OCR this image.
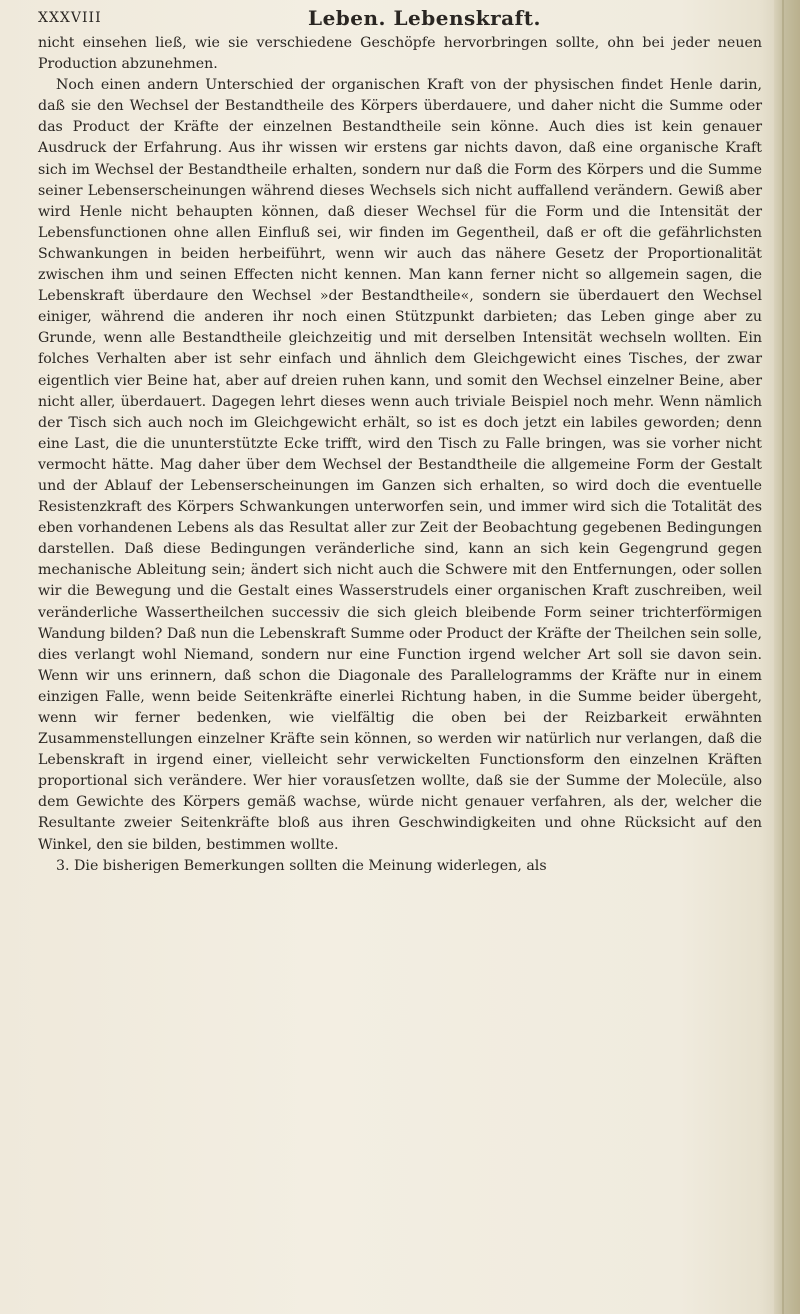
XXXVIII	Leben. Lebenskraft.

nicht einsehen ließ, wie sie verschiedene Geschöpfe hervorbringen sollte, ohn bei jeder neuen Production abzunehmen.

Noch einen andern Unterschied der organischen Kraft von der physischen findet Henle darin, daß sie den Wechsel der Bestandtheile des Körpers überdauere, und daher nicht die Summe oder das Product der Kräfte der einzelnen Bestandtheile sein könne. Auch dies ist kein genauer Ausdruck der Erfahrung. Aus ihr wissen wir erstens gar nichts davon, daß eine organische Kraft sich im Wechsel der Bestandtheile erhalten, sondern nur daß die Form des Körpers und die Summe seiner Lebenserscheinungen während dieses Wechsels sich nicht auffallend verändern. Gewiß aber wird Henle nicht behaupten können, daß dieser Wechsel für die Form und die Intensität der Lebensfunctionen ohne allen Einfluß sei, wir finden im Gegentheil, daß er oft die gefährlichsten Schwankungen in beiden herbeiführt, wenn wir auch das nähere Gesetz der Proportionalität zwischen ihm und seinen Effecten nicht kennen. Man kann ferner nicht so allgemein sagen, die Lebenskraft überdaure den Wechsel »der Bestandtheile«, sondern sie überdauert den Wechsel einiger, während die anderen ihr noch einen Stützpunkt darbieten; das Leben ginge aber zu Grunde, wenn alle Bestandtheile gleichzeitig und mit derselben Intensität wechseln wollten. Ein folches Verhalten aber ist sehr einfach und ähnlich dem Gleichgewicht eines Tisches, der zwar eigentlich vier Beine hat, aber auf dreien ruhen kann, und somit den Wechsel einzelner Beine, aber nicht aller, überdauert. Dagegen lehrt dieses wenn auch triviale Beispiel noch mehr. Wenn nämlich der Tisch sich auch noch im Gleichgewicht erhält, so ist es doch jetzt ein labiles geworden; denn eine Last, die die ununterstützte Ecke trifft, wird den Tisch zu Falle bringen, was sie vorher nicht vermocht hätte. Mag daher über dem Wechsel der Bestandtheile die allgemeine Form der Gestalt und der Ablauf der Lebenserscheinungen im Ganzen sich erhalten, so wird doch die eventuelle Resistenzkraft des Körpers Schwankungen unterworfen sein, und immer wird sich die Totalität des eben vorhandenen Lebens als das Resultat aller zur Zeit der Beobachtung gegebenen Bedingungen darstellen. Daß diese Bedingungen veränderliche sind, kann an sich kein Gegengrund gegen mechanische Ableitung sein; ändert sich nicht auch die Schwere mit den Entfernungen, oder sollen wir die Bewegung und die Gestalt eines Wasserstrudels einer organischen Kraft zuschreiben, weil veränderliche Wassertheilchen successiv die sich gleich bleibende Form seiner trichterförmigen Wandung bilden? Daß nun die Lebenskraft Summe oder Product der Kräfte der Theilchen sein solle, dies verlangt wohl Niemand, sondern nur eine Function irgend welcher Art soll sie davon sein. Wenn wir uns erinnern, daß schon die Diagonale des Parallelogramms der Kräfte nur in einem einzigen Falle, wenn beide Seitenkräfte einerlei Richtung haben, in die Summe beider übergeht, wenn wir ferner bedenken, wie vielfältig die oben bei der Reizbarkeit erwähnten Zusammenstellungen einzelner Kräfte sein können, so werden wir natürlich nur verlangen, daß die Lebenskraft in irgend einer, vielleicht sehr verwickelten Functionsform den einzelnen Kräften proportional sich verändere. Wer hier vorausſetzen wollte, daß sie der Summe der Molecüle, also dem Gewichte des Körpers gemäß wachse, würde nicht genauer verfahren, als der, welcher die Resultante zweier Seitenkräfte bloß aus ihren Geschwindigkeiten und ohne Rücksicht auf den Winkel, den sie bilden, bestimmen wollte.

3. Die bisherigen Bemerkungen sollten die Meinung widerlegen, als
